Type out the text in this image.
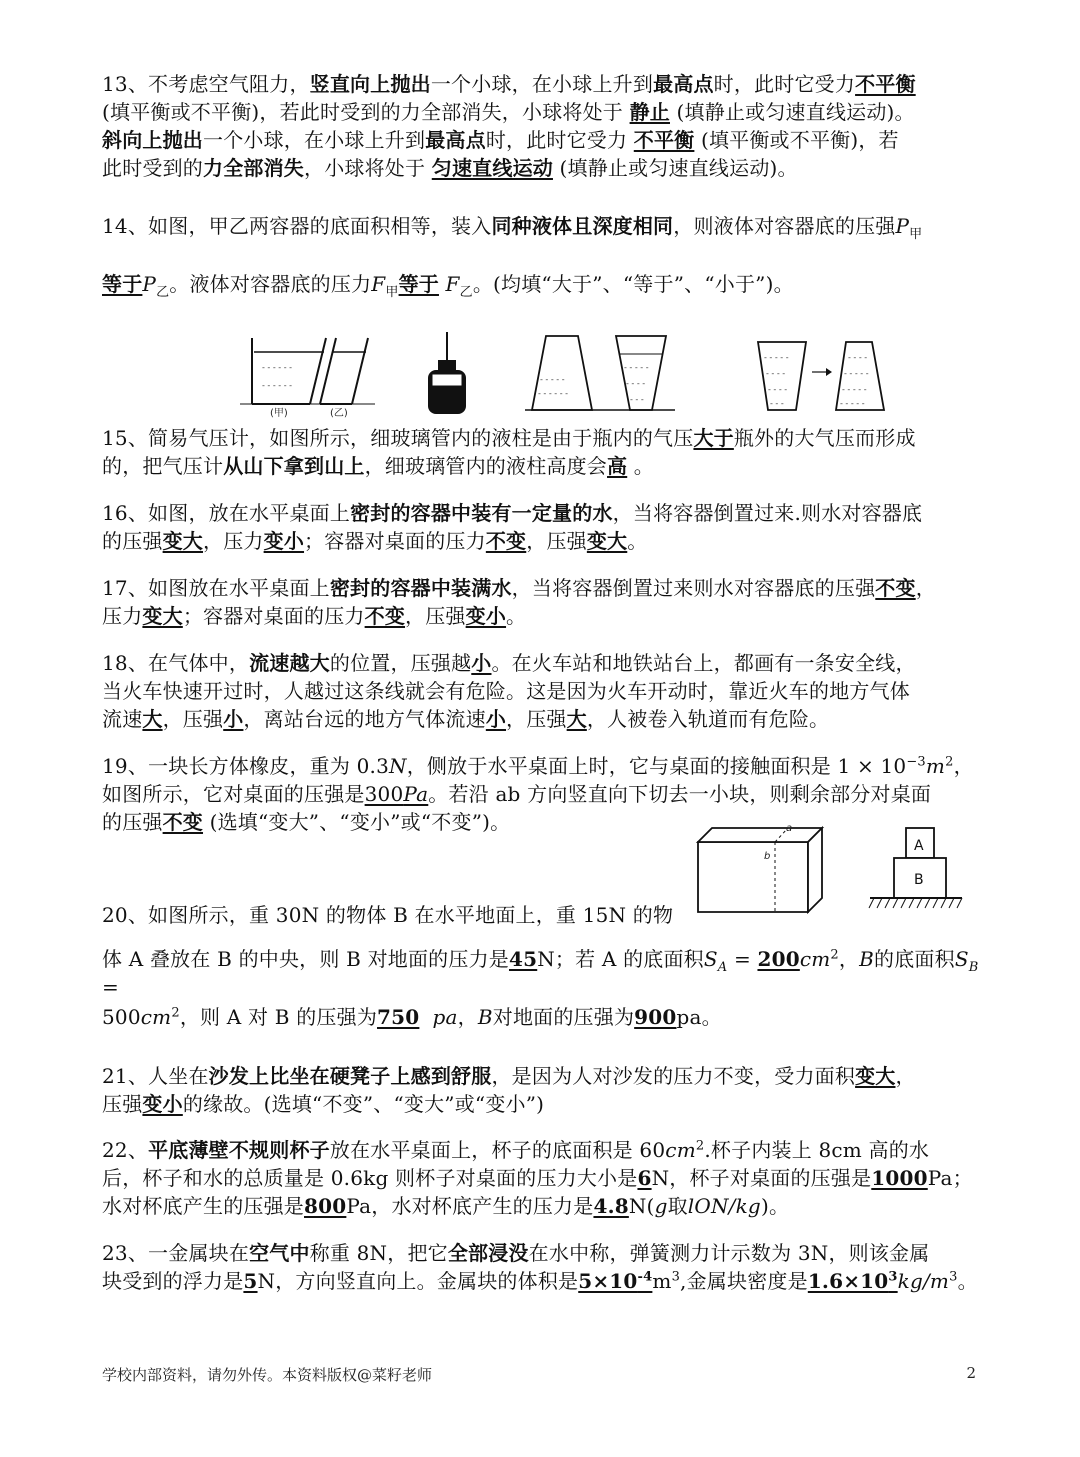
13、不考虑空气阻力，竖直向上抛出一个小球，在小球上升到最高点时，此时它受力不平衡
(填平衡或不平衡)，若此时受到的力全部消失，小球将处于 静止 (填静止或匀速直线运动)。
斜向上抛出一个小球，在小球上升到最高点时，此时它受力 不平衡 (填平衡或不平衡)，若
此时受到的力全部消失，小球将处于 匀速直线运动 (填静止或匀速直线运动)。
14、如图，甲乙两容器的底面积相等，装入同种液体且深度相同，则液体对容器底的压强$P_甲$
等于$P_乙$。液体对容器底的压力$F_甲$等于 $F_乙$。(均填“大于”、“等于”、“小于”)。
- - - - - -
- - - - - -
(甲)	(乙)
- - - - -
- - - - - -
- - - - -
- - - -
- - -
- - - - -
- - - -
- - - -
- - -
- - - -
- - - - -
- - - - -
- - - - -
15、简易气压计，如图所示，细玻璃管内的液柱是由于瓶内的气压大于瓶外的大气压而形成
的，把气压计从山下拿到山上，细玻璃管内的液柱高度会高 。
16、如图，放在水平桌面上密封的容器中装有一定量的水，当将容器倒置过来.则水对容器底
的压强变大，压力变小；容器对桌面的压力不变，压强变大。
17、如图放在水平桌面上密封的容器中装满水，当将容器倒置过来则水对容器底的压强不变，
压力变大；容器对桌面的压力不变，压强变小。
18、在气体中，流速越大的位置，压强越小。在火车站和地铁站台上，都画有一条安全线，
当火车快速开过时，人越过这条线就会有危险。这是因为火车开动时，靠近火车的地方气体
流速大，压强小，离站台远的地方气体流速小，压强大，人被卷入轨道而有危险。
19、一块长方体橡皮，重为 0.3N，侧放于水平桌面上时，它与桌面的接触面积是 $1 \times 10^{-3}m^2$，
如图所示，它对桌面的压强是300Pa。若沿 ab 方向竖直向下切去一小块，则剩余部分对桌面
的压强不变 (选填“变大”、“变小”或“不变”)。	a
b
A
B
20、如图所示，重 30N 的物体 B 在水平地面上，重 15N 的物
体 A 叠放在 B 的中央，则 B 对地面的压力是45N；若 A 的底面积$S_A = 200cm^2$，B的底面积$S_B$ =
$500cm^2$，则 A 对 B 的压强为750 pa，B对地面的压强为900pa。
21、人坐在沙发上比坐在硬凳子上感到舒服，是因为人对沙发的压力不变，受力面积变大，
压强变小的缘故。(选填“不变”、“变大”或“变小”)
22、平底薄壁不规则杯子放在水平桌面上，杯子的底面积是 $60cm^2$.杯子内装上 8cm 高的水
后，杯子和水的总质量是 0.6kg 则杯子对桌面的压力大小是6N，杯子对桌面的压强是1000Pa；
水对杯底产生的压强是800Pa，水对杯底产生的压力是4.8N(g取lON/kg)。
23、一金属块在空气中称重 8N，把它全部浸没在水中称，弹簧测力计示数为 3N，则该金属
块受到的浮力是5N，方向竖直向上。金属块的体积是$5\times 10^{-4}m^3$,金属块密度是$1.6\times 10^3kg/m^3$。
学校内部资料，请勿外传。本资料版权@菜籽老师	2
